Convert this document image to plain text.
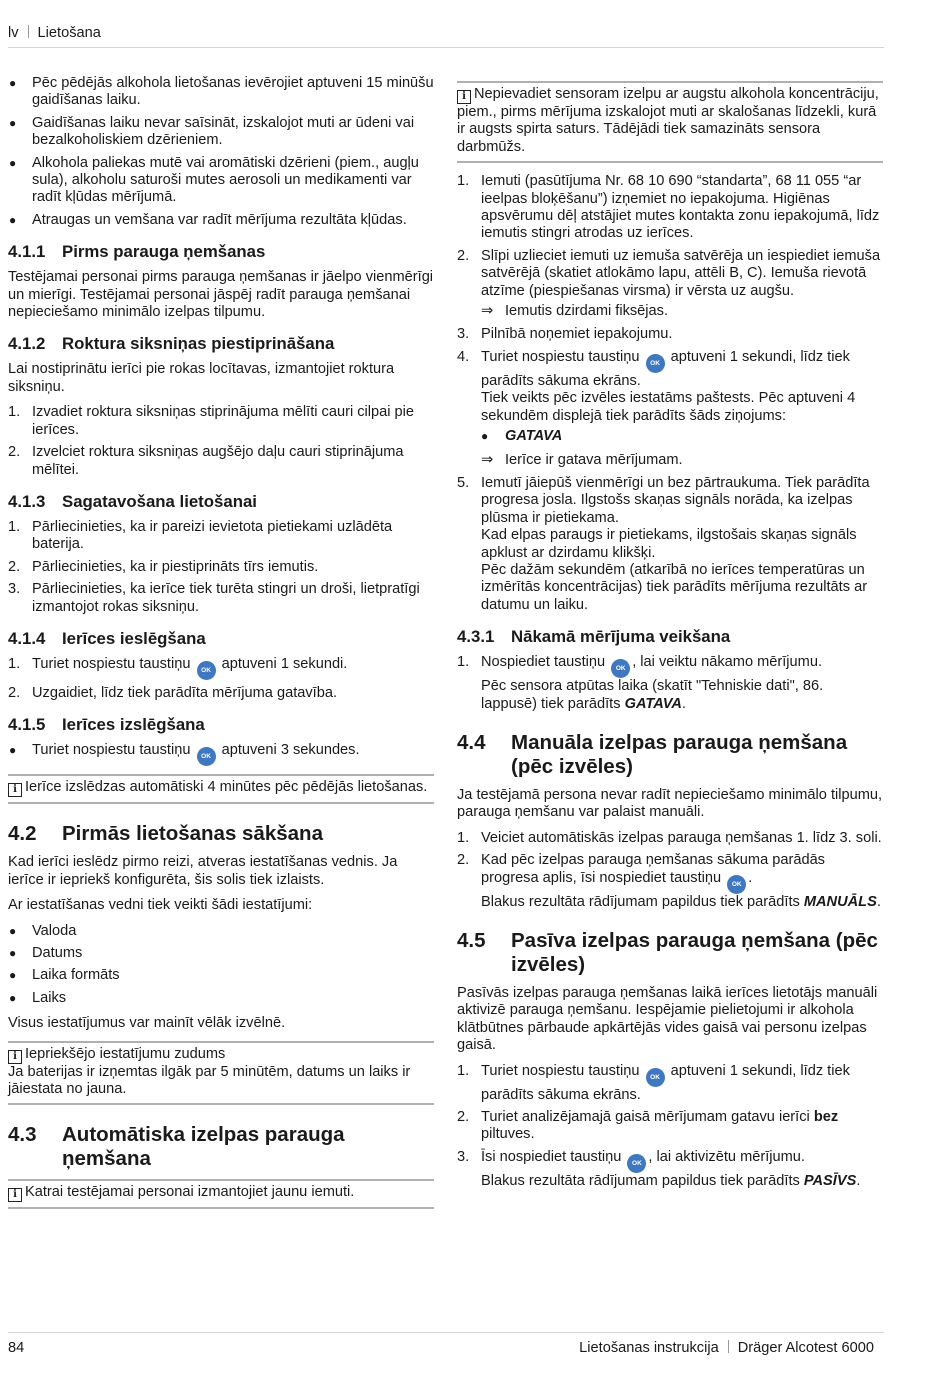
lv Lietošana
● Pēc pēdējās alkohola lietošanas ievērojiet aptuveni 15 minūšu gaidīšanas laiku.
● Gaidīšanas laiku nevar saīsināt, izskalojot muti ar ūdeni vai bezalkoholiskiem dzērieniem.
● Alkohola paliekas mutē vai aromātiski dzērieni (piem., augļu sula), alkoholu saturoši mutes aerosoli un medikamenti var radīt kļūdas mērījumā.
● Atraugas un vemšana var radīt mērījuma rezultāta kļūdas.
4.1.1 Pirms parauga ņemšanas

Testējamai personai pirms parauga ņemšanas ir jāelpo vienmērīgi un mierīgi. Testējamai personai jāspēj radīt parauga ņemšanai nepieciešamo minimālo izelpas tilpumu.

4.1.2 Roktura siksniņas piestiprināšana

Lai nostiprinātu ierīci pie rokas locītavas, izmantojiet roktura siksniņu.

1. Izvadiet roktura siksniņas stiprinājuma mēlīti cauri cilpai pie ierīces.
2. Izvelciet roktura siksniņas augšējo daļu cauri stiprinājuma mēlītei.
4.1.3 Sagatavošana lietošanai
1. Pārliecinieties, ka ir pareizi ievietota pietiekami uzlādēta baterija.
2. Pārliecinieties, ka ir piestiprināts tīrs iemutis.
3. Pārliecinieties, ka ierīce tiek turēta stingri un droši, lietpratīgi izmantojot rokas siksniņu.
4.1.4 Ierīces ieslēgšana
1. Turiet nospiestu taustiņu OK aptuveni 1 sekundi.
2. Uzgaidiet, līdz tiek parādīta mērījuma gatavība.
4.1.5 Ierīces izslēgšana
● Turiet nospiestu taustiņu OK aptuveni 3 sekundes.
i Ierīce izslēdzas automātiski 4 minūtes pēc pēdējās lietošanas.
4.2 Pirmās lietošanas sākšana

Kad ierīci ieslēdz pirmo reizi, atveras iestatīšanas vednis. Ja ierīce ir iepriekš konfigurēta, šis solis tiek izlaists.

Ar iestatīšanas vedni tiek veikti šādi iestatījumi:

● Valoda
● Datums
● Laika formāts
● Laiks

Visus iestatījumus var mainīt vēlāk izvēlnē.

i Iepriekšējo iestatījumu zudums
Ja baterijas ir izņemtas ilgāk par 5 minūtēm, datums un laiks ir jāiestata no jauna.
4.3 Automātiska izelpas parauga ņemšana
i Katrai testējamai personai izmantojiet jaunu iemuti.
i Nepievadiet sensoram izelpu ar augstu alkohola koncentrāciju, piem., pirms mērījuma izskalojot muti ar skalošanas līdzekli, kurā ir augsts spirta saturs. Tādējādi tiek samazināts sensora darbmūžs.
1. Iemuti (pasūtījuma Nr. 68 10 690 “standarta”, 68 11 055 “ar ieelpas bloķēšanu”) izņemiet no iepakojuma. Higiēnas apsvērumu dēļ atstājiet mutes kontakta zonu iepakojumā, līdz iemutis stingri atrodas uz ierīces.
2. Slīpi uzlieciet iemuti uz iemuša satvērēja un iespiediet iemuša satvērējā (skatiet atlokāmo lapu, attēli B, C). Iemuša rievotā atzīme (piespiešanas virsma) ir vērsta uz augšu.
⇒ Iemutis dzirdami fiksējas.
3. Pilnībā noņemiet iepakojumu.
4. Turiet nospiestu taustiņu OK aptuveni 1 sekundi, līdz tiek parādīts sākuma ekrāns.
Tiek veikts pēc izvēles iestatāms paštests. Pēc aptuveni 4 sekundēm displejā tiek parādīts šāds ziņojums:
● GATAVA
⇒ Ierīce ir gatava mērījumam.
5. Iemutī jāiepūš vienmērīgi un bez pārtraukuma. Tiek parādīta progresa josla. Ilgstošs skaņas signāls norāda, ka izelpas plūsma ir pietiekama.
Kad elpas paraugs ir pietiekams, ilgstošais skaņas signāls apklust ar dzirdamu klikšķi.
Pēc dažām sekundēm (atkarībā no ierīces temperatūras un izmērītās koncentrācijas) tiek parādīts mērījuma rezultāts ar datumu un laiku.
4.3.1 Nākamā mērījuma veikšana
1. Nospiediet taustiņu OK , lai veiktu nākamo mērījumu.
Pēc sensora atpūtas laika (skatīt "Tehniskie dati", 86. lappusē) tiek parādīts GATAVA.
4.4 Manuāla izelpas parauga ņemšana (pēc izvēles)

Ja testējamā persona nevar radīt nepieciešamo minimālo tilpumu, parauga ņemšanu var palaist manuāli.

1. Veiciet automātiskās izelpas parauga ņemšanas 1. līdz 3. soli.
2. Kad pēc izelpas parauga ņemšanas sākuma parādās progresa aplis, īsi nospiediet taustiņu OK .
Blakus rezultāta rādījumam papildus tiek parādīts MANUĀLS.
4.5 Pasīva izelpas parauga ņemšana (pēc izvēles)

Pasīvās izelpas parauga ņemšanas laikā ierīces lietotājs manuāli aktivizē parauga ņemšanu. Iespējamie pielietojumi ir alkohola klātbūtnes pārbaude apkārtējās vides gaisā vai personu izelpas gaisā.

1. Turiet nospiestu taustiņu OK aptuveni 1 sekundi, līdz tiek parādīts sākuma ekrāns.
2. Turiet analizējamajā gaisā mērījumam gatavu ierīci bez piltuves.
3. Īsi nospiediet taustiņu OK , lai aktivizētu mērījumu.
Blakus rezultāta rādījumam papildus tiek parādīts PASĪVS.
84	Lietošanas instrukcija Dräger Alcotest 6000
